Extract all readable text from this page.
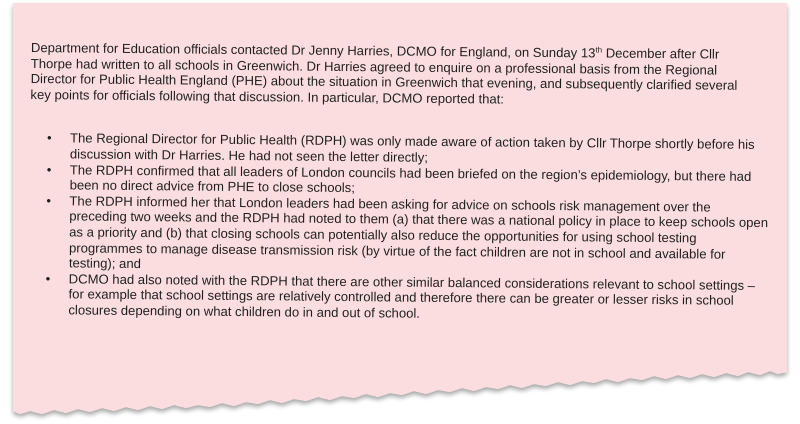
Department for Education officials contacted Dr Jenny Harries, DCMO for England, on Sunday 13th December after Cllr Thorpe had written to all schools in Greenwich. Dr Harries agreed to enquire on a professional basis from the Regional Director for Public Health England (PHE) about the situation in Greenwich that evening, and subsequently clarified several key points for officials following that discussion. In particular, DCMO reported that:

• The Regional Director for Public Health (RDPH) was only made aware of action taken by Cllr Thorpe shortly before his discussion with Dr Harries. He had not seen the letter directly;
• The RDPH confirmed that all leaders of London councils had been briefed on the region’s epidemiology, but there had been no direct advice from PHE to close schools;
• The RDPH informed her that London leaders had been asking for advice on schools risk management over the preceding two weeks and the RDPH had noted to them (a) that there was a national policy in place to keep schools open as a priority and (b) that closing schools can potentially also reduce the opportunities for using school testing programmes to manage disease transmission risk (by virtue of the fact children are not in school and available for testing); and
• DCMO had also noted with the RDPH that there are other similar balanced considerations relevant to school settings – for example that school settings are relatively controlled and therefore there can be greater or lesser risks in school closures depending on what children do in and out of school.
